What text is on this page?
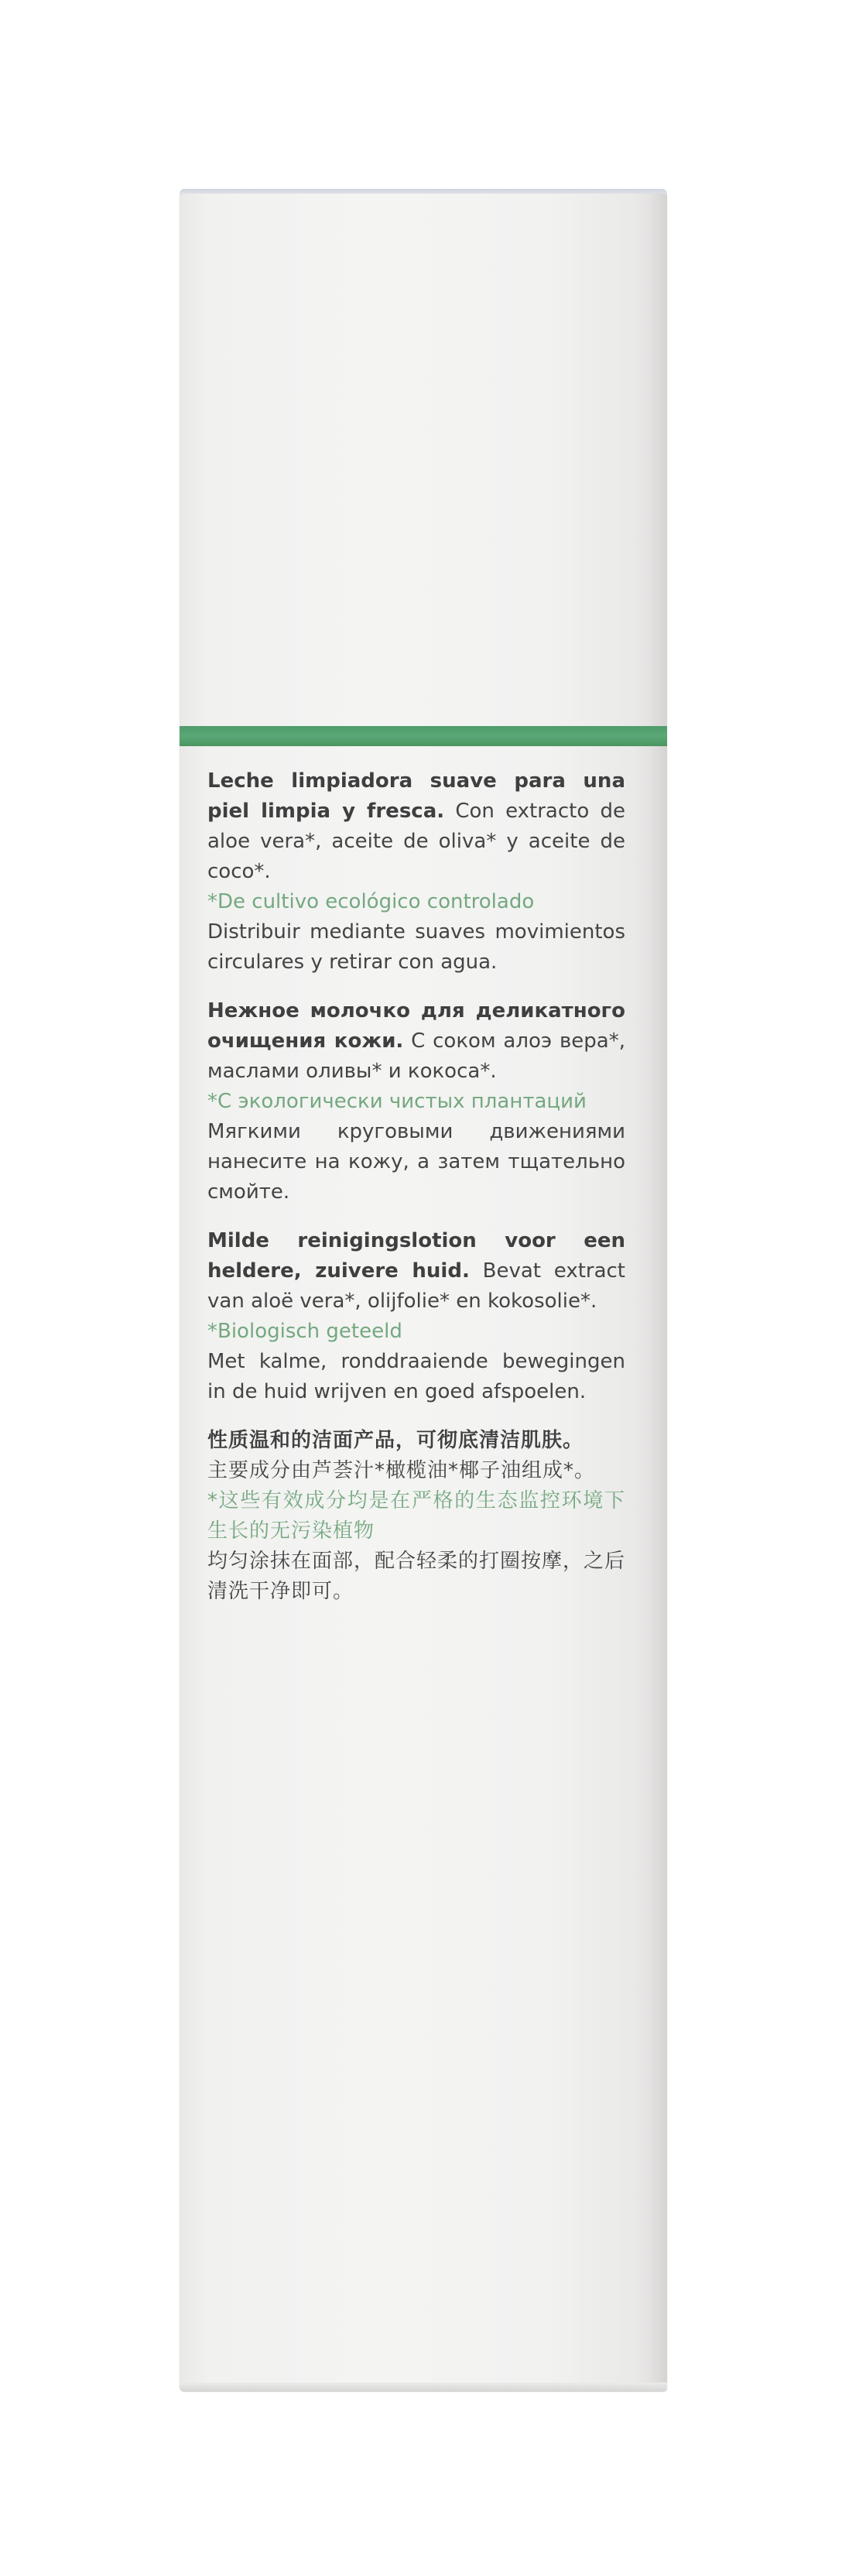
Leche limpiadora suave para una piel limpia y fresca. Con extracto de aloe vera*, aceite de oliva* y aceite de coco*.
*De cultivo ecológico controlado
Distribuir mediante suaves movimientos circulares y retirar con agua.

Нежное молочко для деликатного очищения кожи. С соком алоэ вера*, маслами оливы* и кокоса*.
*С экологически чистых плантаций
Мягкими круговыми движениями нанесите на кожу, а затем тщательно смойте.

Milde reinigingslotion voor een heldere, zuivere huid. Bevat extract van aloë vera*, olijfolie* en kokosolie*.
*Biologisch geteeld
Met kalme, ronddraaiende bewegingen in de huid wrijven en goed afspoelen.

性质温和的洁面产品，可彻底清洁肌肤。
主要成分由芦荟汁*橄榄油*椰子油组成*。
*这些有效成分均是在严格的生态监控环境下生长的无污染植物
均匀涂抹在面部，配合轻柔的打圈按摩，之后清洗干净即可。
